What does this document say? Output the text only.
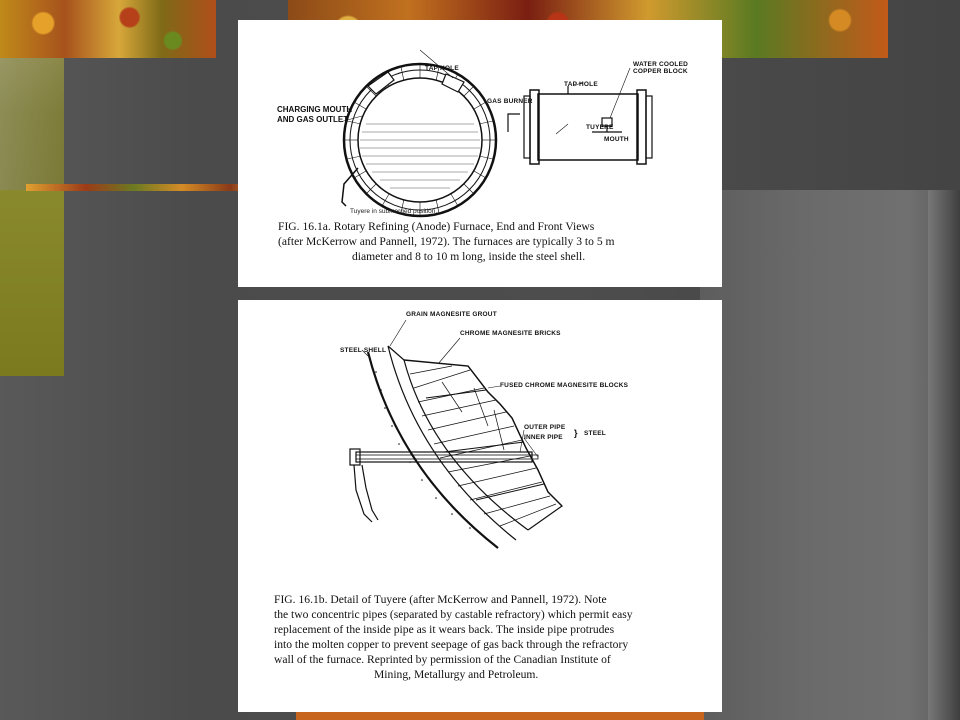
TAP HOLE
CHARGING MOUTH
AND GAS OUTLET
GAS BURNER
TAP HOLE
WATER COOLED
COPPER BLOCK
TUYERE
MOUTH
Tuyere in submerged position.
FIG. 16.1a. Rotary Refining (Anode) Furnace, End and Front Views
(after McKerrow and Pannell, 1972). The furnaces are typically 3 to 5 m
diameter and 8 to 10 m long, inside the steel shell.
GRAIN MAGNESITE GROUT
CHROME MAGNESITE BRICKS
STEEL SHELL
FUSED CHROME MAGNESITE BLOCKS
OUTER PIPE
INNER PIPE } STEEL
FIG. 16.1b. Detail of Tuyere (after McKerrow and Pannell, 1972). Note
the two concentric pipes (separated by castable refractory) which permit easy
replacement of the inside pipe as it wears back. The inside pipe protrudes
into the molten copper to prevent seepage of gas back through the refractory
wall of the furnace. Reprinted by permission of the Canadian Institute of
Mining, Metallurgy and Petroleum.
